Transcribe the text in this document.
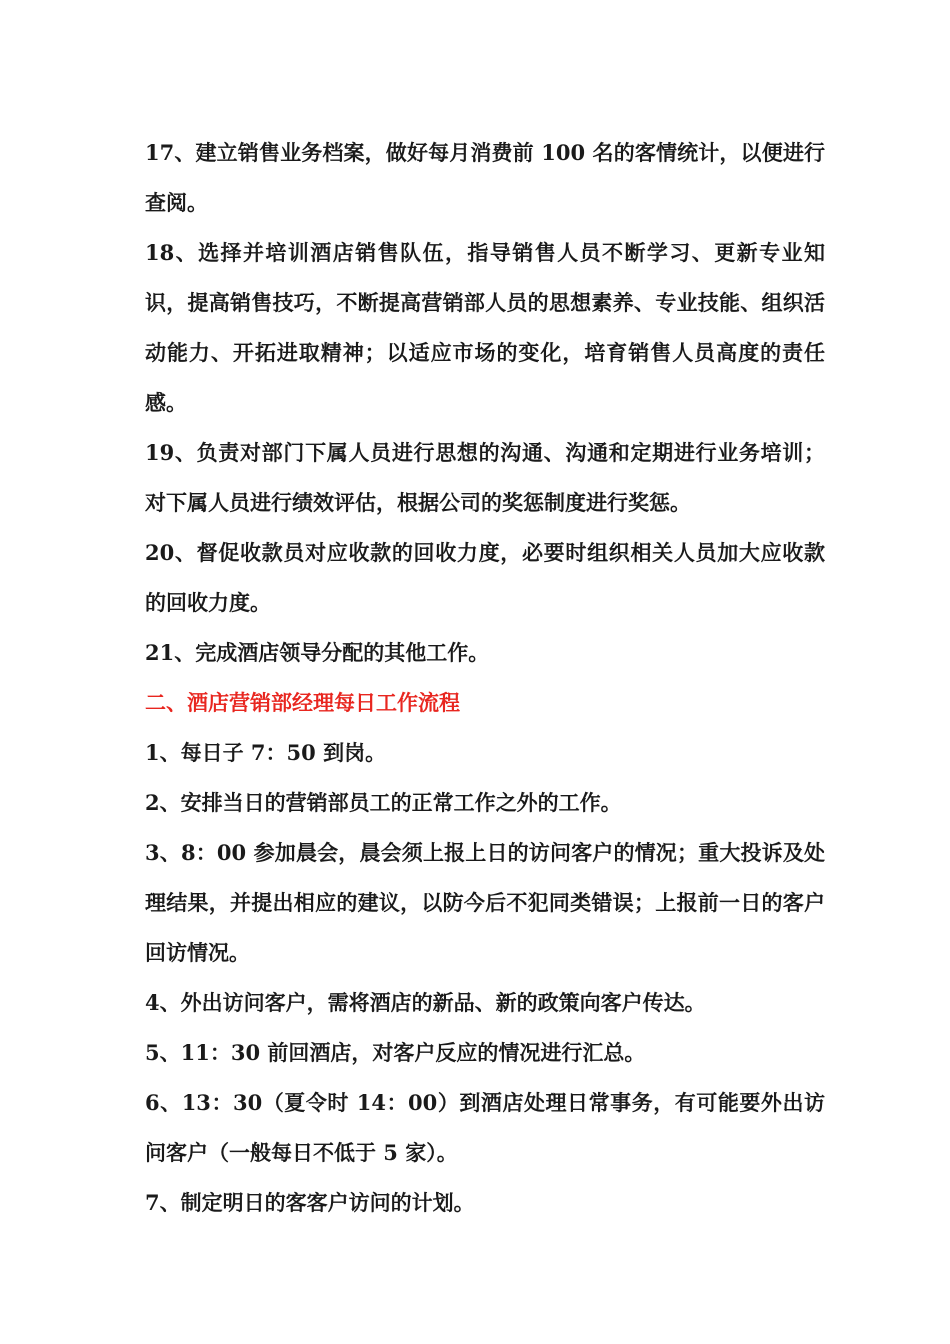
17、建立销售业务档案，做好每月消费前 100 名的客情统计，以便进行查阅。

18、选择并培训酒店销售队伍，指导销售人员不断学习、更新专业知识，提高销售技巧，不断提高营销部人员的思想素养、专业技能、组织活动能力、开拓进取精神；以适应市场的变化，培育销售人员高度的责任感。

19、负责对部门下属人员进行思想的沟通、沟通和定期进行业务培训；对下属人员进行绩效评估，根据公司的奖惩制度进行奖惩。

20、督促收款员对应收款的回收力度，必要时组织相关人员加大应收款的回收力度。

21、完成酒店领导分配的其他工作。

二、酒店营销部经理每日工作流程

1、每日子 7：50 到岗。

2、安排当日的营销部员工的正常工作之外的工作。

3、8：00 参加晨会，晨会须上报上日的访问客户的情况；重大投诉及处理结果，并提出相应的建议，以防今后不犯同类错误；上报前一日的客户回访情况。

4、外出访问客户，需将酒店的新品、新的政策向客户传达。

5、11：30 前回酒店，对客户反应的情况进行汇总。

6、13：30（夏令时 14：00）到酒店处理日常事务，有可能要外出访问客户（一般每日不低于 5 家）。

7、制定明日的客客户访问的计划。
